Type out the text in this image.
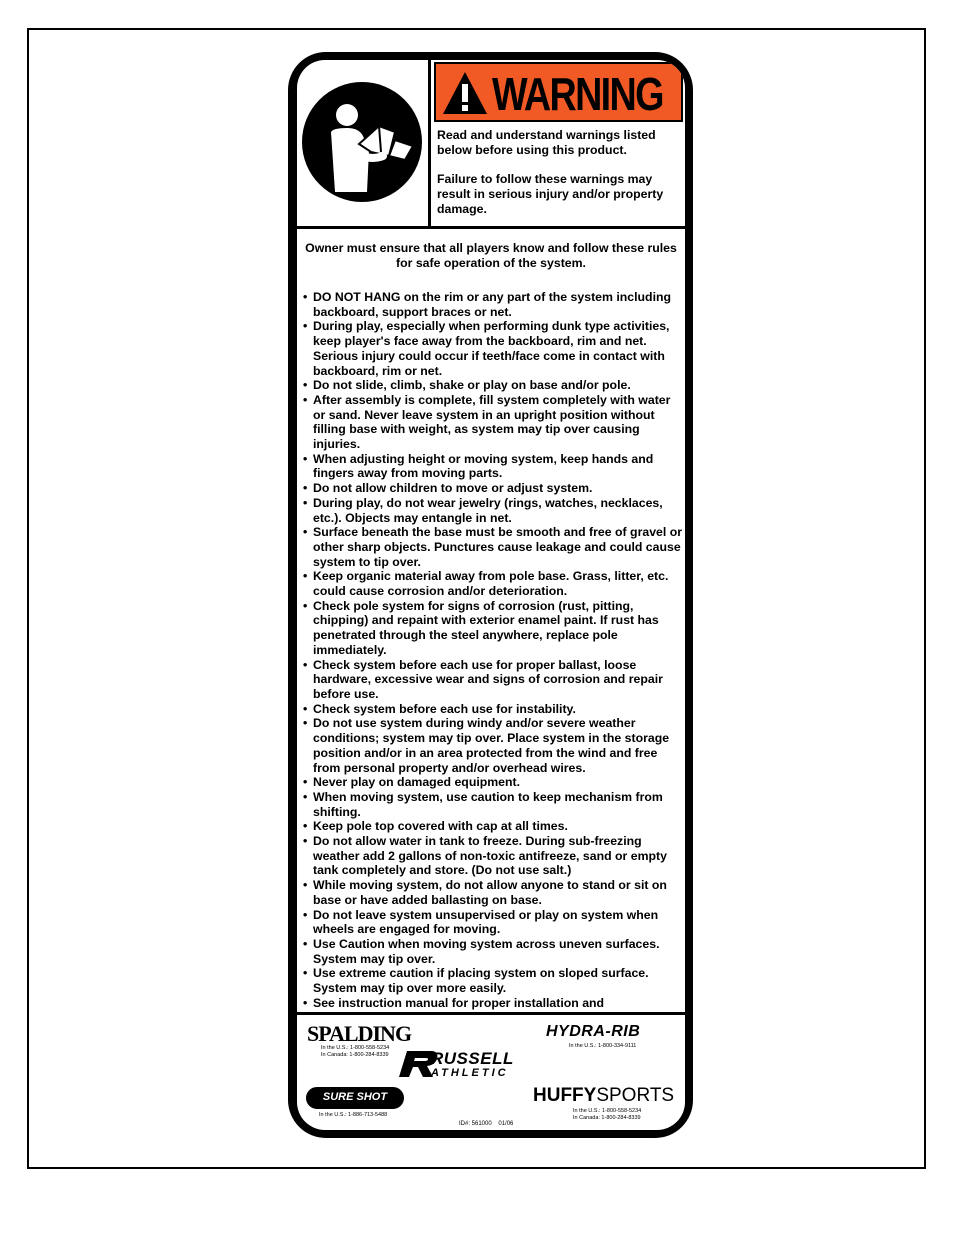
WARNING

Read and understand warnings listed below before using this product.

Failure to follow these warnings may result in serious injury and/or property damage.

Owner must ensure that all players know and follow these rules for safe operation of the system.
• DO NOT HANG on the rim or any part of the system including backboard, support braces or net.
• During play, especially when performing dunk type activities, keep player's face away from the backboard, rim and net. Serious injury could occur if teeth/face come in contact with backboard, rim or net.
• Do not slide, climb, shake or play on base and/or pole.
• After assembly is complete, fill system completely with water or sand. Never leave system in an upright position without filling base with weight, as system may tip over causing injuries.
• When adjusting height or moving system, keep hands and fingers away from moving parts.
• Do not allow children to move or adjust system.
• During play, do not wear jewelry (rings, watches, necklaces, etc.). Objects may entangle in net.
• Surface beneath the base must be smooth and free of gravel or other sharp objects. Punctures cause leakage and could cause system to tip over.
• Keep organic material away from pole base. Grass, litter, etc. could cause corrosion and/or deterioration.
• Check pole system for signs of corrosion (rust, pitting, chipping) and repaint with exterior enamel paint. If rust has penetrated through the steel anywhere, replace pole immediately.
• Check system before each use for proper ballast, loose hardware, excessive wear and signs of corrosion and repair before use.
• Check system before each use for instability.
• Do not use system during windy and/or severe weather conditions; system may tip over. Place system in the storage position and/or in an area protected from the wind and free from personal property and/or overhead wires.
• Never play on damaged equipment.
• When moving system, use caution to keep mechanism from shifting.
• Keep pole top covered with cap at all times.
• Do not allow water in tank to freeze. During sub-freezing weather add 2 gallons of non-toxic antifreeze, sand or empty tank completely and store. (Do not use salt.)
• While moving system, do not allow anyone to stand or sit on base or have added ballasting on base.
• Do not leave system unsupervised or play on system when wheels are engaged for moving.
• Use Caution when moving system across uneven surfaces. System may tip over.
• Use extreme caution if placing system on sloped surface. System may tip over more easily.
• See instruction manual for proper installation and
SPALDING
In the U.S.: 1-800-558-5234
In Canada: 1-800-284-8339
HYDRA-RIB
In the U.S.: 1-800-334-9111
RUSSELL
ATHLETIC
SURE SHOT
In the U.S.: 1-886-713-5488
HUFFYSPORTS
In the U.S.: 1-800-558-5234
In Canada: 1-800-284-8339
ID#: 561000    01/06
